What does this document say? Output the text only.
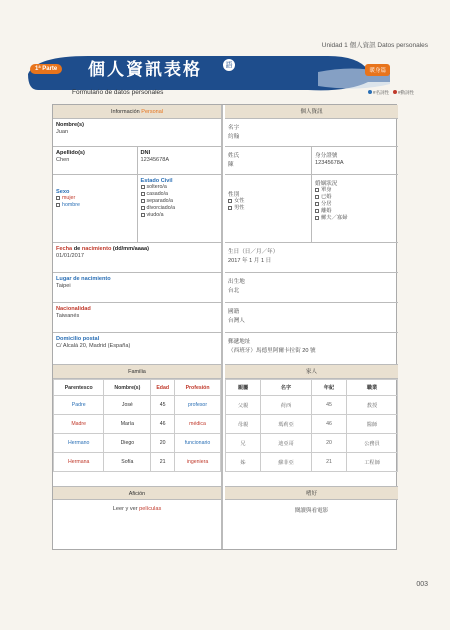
Unidad 1 個人資訊 Datos personales
1ª Parte 個人資訊表格	語
暖身篇
Formulario de datos personales	#名詞性	#動詞性
Información Personal
Nombre(s)
Juan
Apellido(s)
Chen
DNI
12345678A
Sexo
mujer
hombre
Estado Civil
soltero/a
casado/a
separado/a
divorciado/a
viudo/a
Fecha de nacimiento (dd/mm/aaaa)
01/01/2017
Lugar de nacimiento
Taipei
Nacionalidad
Taiwanés
Domicilio postal
C/ Alcalá 20, Madrid (España)
Familia
Parentesco	Nombre(s)	Edad	Profesión
Padre	José	45	profesor
Madre	María	46	médica
Hermano	Diego	20	funcionario
Hermana	Sofía	21	ingeniera
Afición
Leer y ver películas
個人資訊
名字
約翰
姓氏
陳
身分證號
12345678A
性別
女性
男性
婚姻狀況
單身
已婚
分居
離婚
鰥夫／寡婦
生日（日／月／年）
2017 年 1 月 1 日
出生地
台北
國籍
台灣人
郵遞地址
（西班牙）馬德里阿爾卡拉街 20 號
家人
親屬	名字	年紀	職業
父親	荷西	45	教授
母親	瑪莉亞	46	醫師
兄	迪亞哥	20	公務員
姊	蘇菲亞	21	工程師
嗜好
閱讀與看電影
003
